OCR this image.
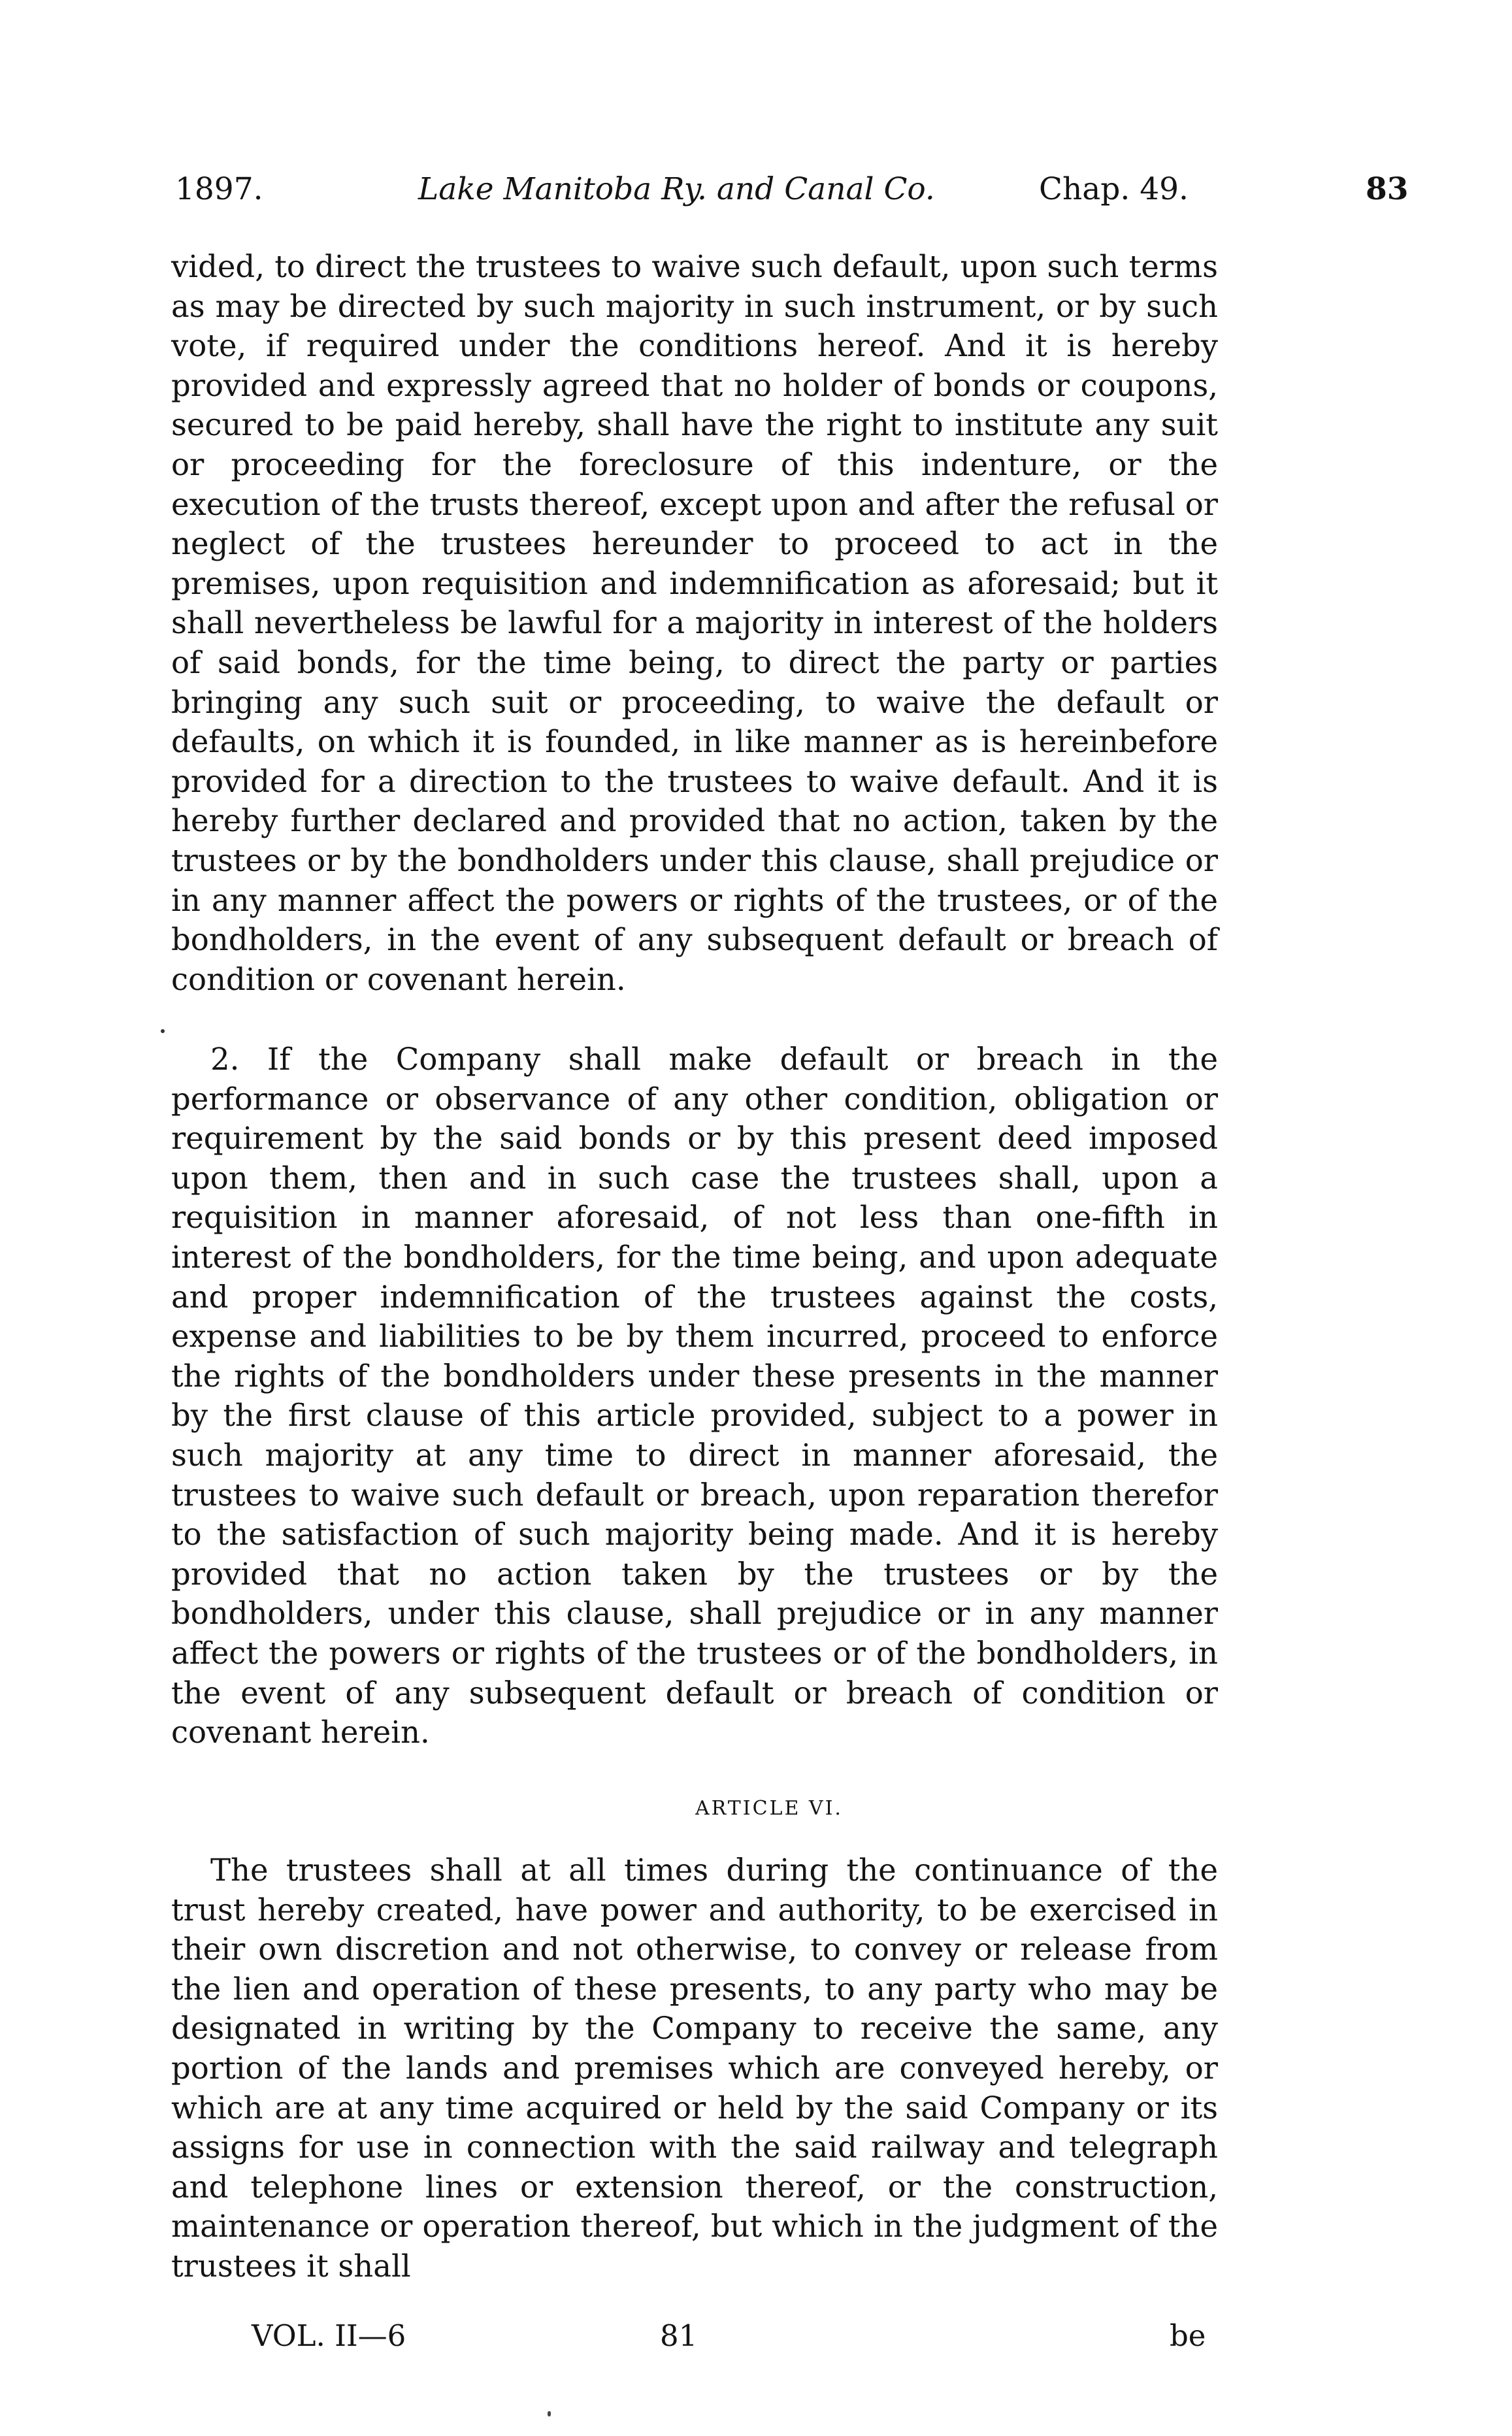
1897.	Lake Manitoba Ry. and Canal Co.	Chap. 49.	83

vided, to direct the trustees to waive such default, upon such terms as may be directed by such majority in such instrument, or by such vote, if required under the conditions hereof. And it is hereby provided and expressly agreed that no holder of bonds or coupons, secured to be paid hereby, shall have the right to institute any suit or proceeding for the foreclosure of this indenture, or the execution of the trusts thereof, except upon and after the refusal or neglect of the trustees hereunder to proceed to act in the premises, upon requisition and indemnification as aforesaid; but it shall nevertheless be lawful for a majority in interest of the holders of said bonds, for the time being, to direct the party or parties bringing any such suit or proceeding, to waive the default or defaults, on which it is founded, in like manner as is hereinbefore provided for a direction to the trustees to waive default. And it is hereby further declared and provided that no action, taken by the trustees or by the bondholders under this clause, shall prejudice or in any manner affect the powers or rights of the trustees, or of the bondholders, in the event of any subsequent default or breach of condition or covenant herein.

2. If the Company shall make default or breach in the performance or observance of any other condition, obligation or requirement by the said bonds or by this present deed imposed upon them, then and in such case the trustees shall, upon a requisition in manner aforesaid, of not less than one-fifth in interest of the bondholders, for the time being, and upon adequate and proper indemnification of the trustees against the costs, expense and liabilities to be by them incurred, proceed to enforce the rights of the bondholders under these presents in the manner by the first clause of this article provided, subject to a power in such majority at any time to direct in manner aforesaid, the trustees to waive such default or breach, upon reparation therefor to the satisfaction of such majority being made. And it is hereby provided that no action taken by the trustees or by the bondholders, under this clause, shall prejudice or in any manner affect the powers or rights of the trustees or of the bondholders, in the event of any subsequent default or breach of condition or covenant herein.

ARTICLE VI.

The trustees shall at all times during the continuance of the trust hereby created, have power and authority, to be exercised in their own discretion and not otherwise, to convey or release from the lien and operation of these presents, to any party who may be designated in writing by the Company to receive the same, any portion of the lands and premises which are conveyed hereby, or which are at any time acquired or held by the said Company or its assigns for use in connection with the said railway and telegraph and telephone lines or extension thereof, or the construction, maintenance or operation thereof, but which in the judgment of the trustees it shall

VOL. II—6	81	be
